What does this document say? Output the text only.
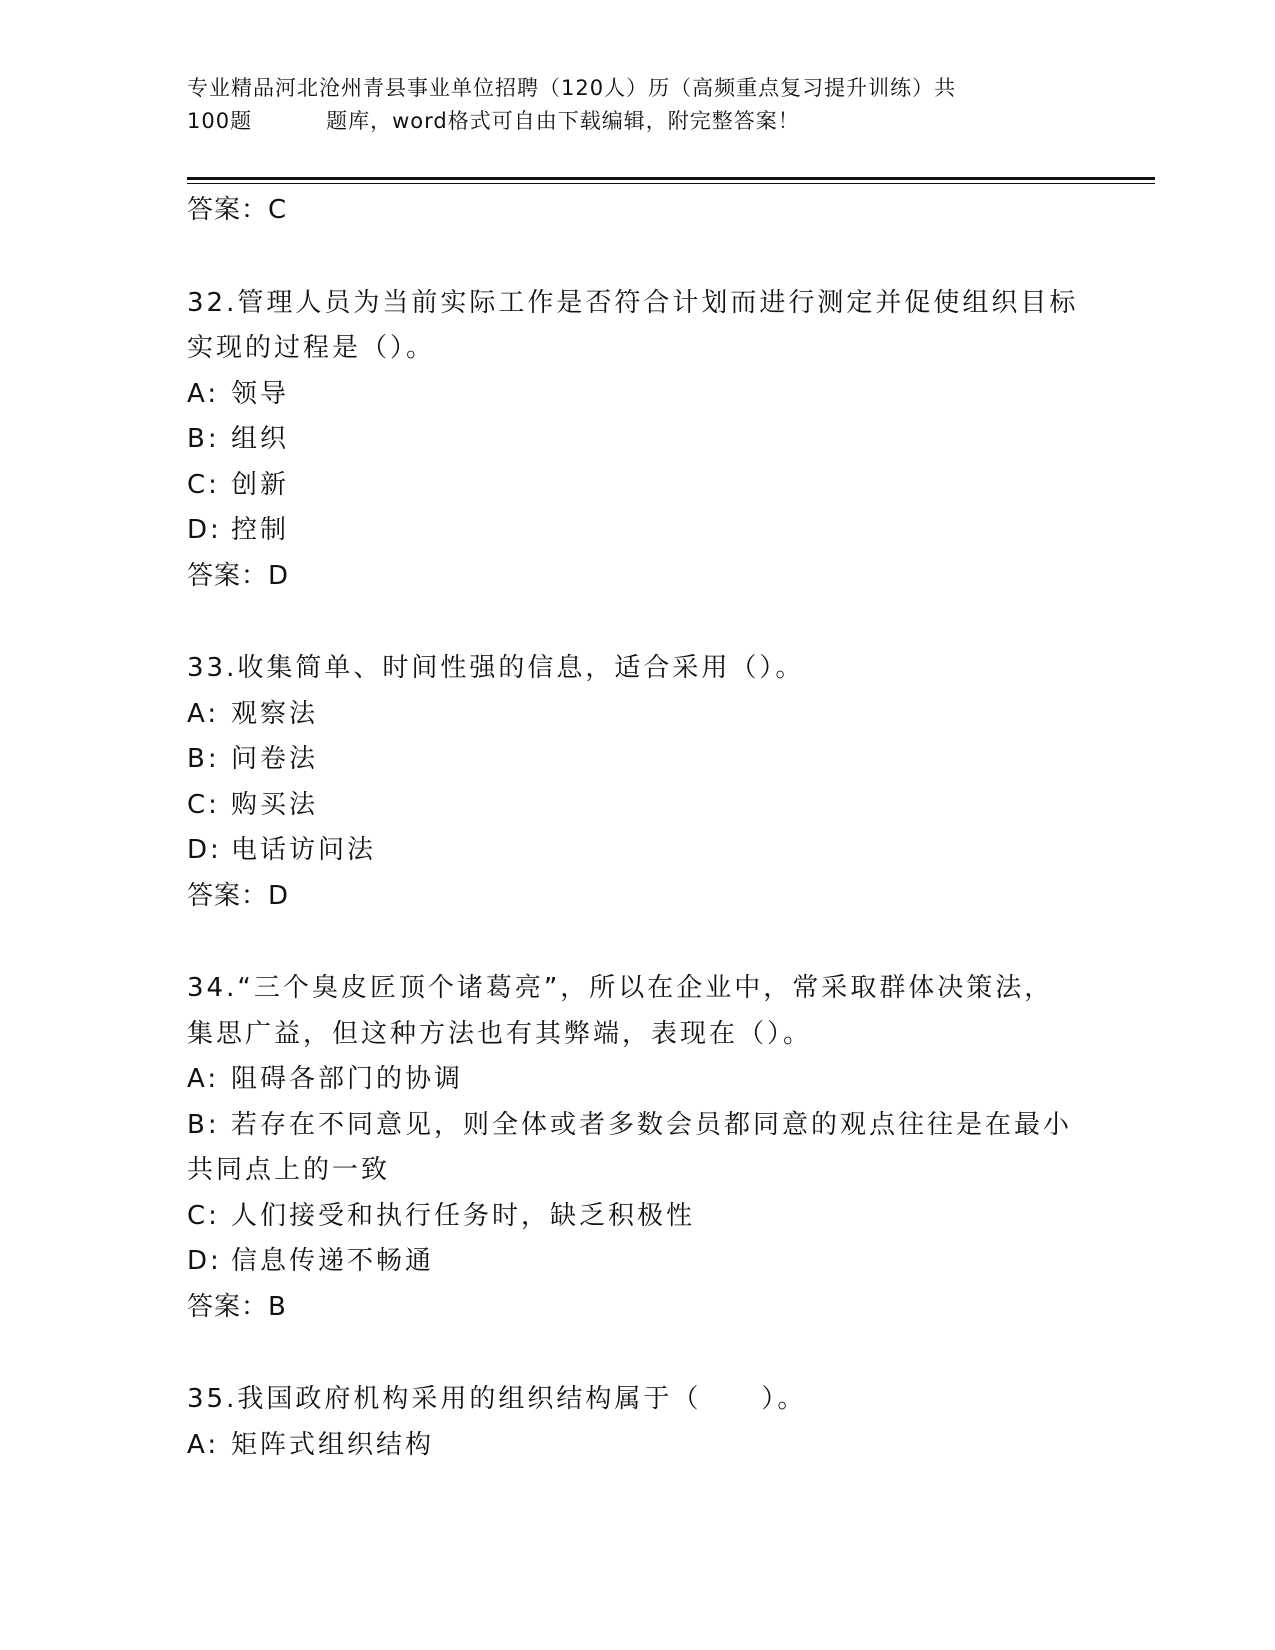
专业精品河北沧州青县事业单位招聘（120人）历（高频重点复习提升训练）共
100题	题库，word格式可自由下载编辑，附完整答案！
答案：C
32.管理人员为当前实际工作是否符合计划而进行测定并促使组织目标
实现的过程是（）。
A: 领导
B: 组织
C: 创新
D: 控制
答案：D
33.收集简单、时间性强的信息，适合采用（）。
A: 观察法
B: 问卷法
C: 购买法
D: 电话访问法
答案：D
34.“三个臭皮匠顶个诸葛亮”，所以在企业中，常采取群体决策法，
集思广益，但这种方法也有其弊端，表现在（）。
A: 阻碍各部门的协调
B: 若存在不同意见，则全体或者多数会员都同意的观点往往是在最小
共同点上的一致
C: 人们接受和执行任务时，缺乏积极性
D: 信息传递不畅通
答案：B
35.我国政府机构采用的组织结构属于（ ）。
A: 矩阵式组织结构
